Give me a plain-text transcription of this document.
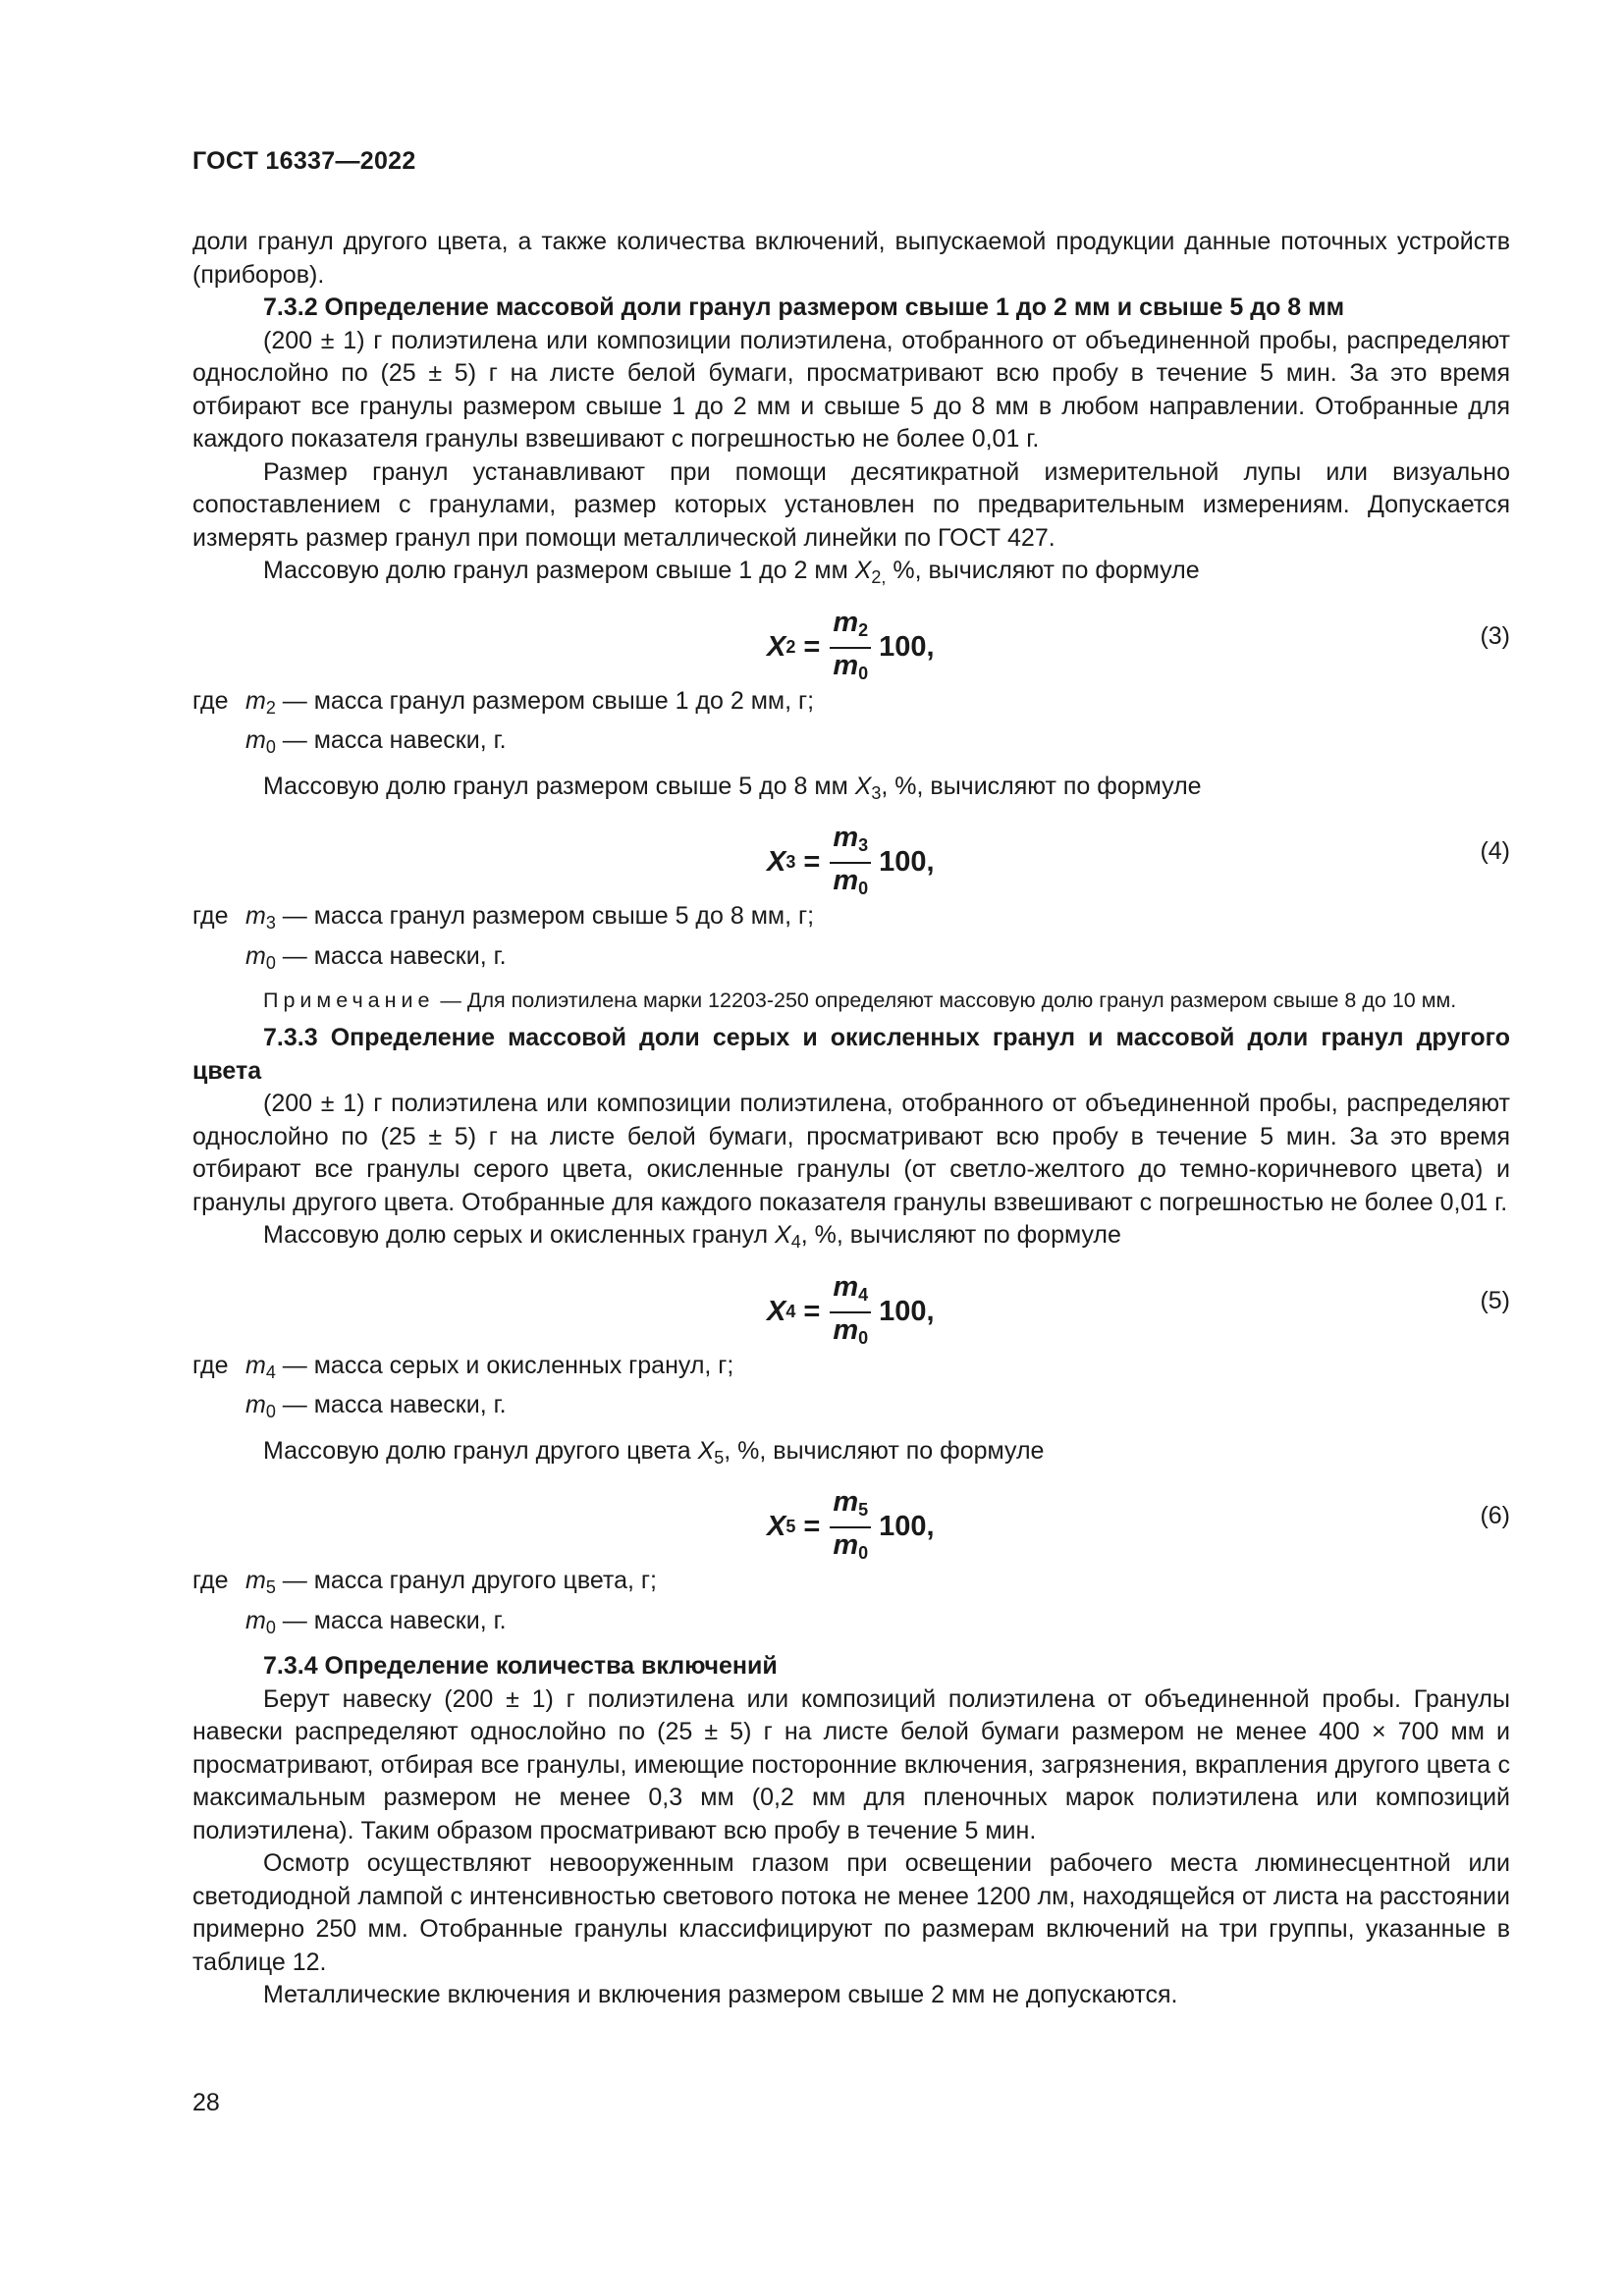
ГОСТ 16337—2022

доли гранул другого цвета, а также количества включений, выпускаемой продукции данные поточных устройств (приборов).

7.3.2 Определение массовой доли гранул размером свыше 1 до 2 мм и свыше 5 до 8 мм

(200 ± 1) г полиэтилена или композиции полиэтилена, отобранного от объединенной пробы, распределяют однослойно по (25 ± 5) г на листе белой бумаги, просматривают всю пробу в течение 5 мин. За это время отбирают все гранулы размером свыше 1 до 2 мм и свыше 5 до 8 мм в любом направлении. Отобранные для каждого показателя гранулы взвешивают с погрешностью не более 0,01 г.

Размер гранул устанавливают при помощи десятикратной измерительной лупы или визуально сопоставлением с гранулами, размер которых установлен по предварительным измерениям. Допускается измерять размер гранул при помощи металлической линейки по ГОСТ 427.

Массовую долю гранул размером свыше 1 до 2 мм $X_{2,}$ %, вычисляют по формуле

X 2
= $\frac{m_2}{m_0} 100$,	(3)
где $m_2$ — масса гранул размером свыше 1 до 2 мм, г;
$m_0$ — масса навески, г.

Массовую долю гранул размером свыше 5 до 8 мм $X_3$, %, вычисляют по формуле

X 3
= $\frac{m_3}{m_0} 100$,	(4)
где $m_3$ — масса гранул размером свыше 5 до 8 мм, г;
$m_0$ — масса навески, г.

Примечание — Для полиэтилена марки 12203-250 определяют массовую долю гранул размером свыше 8 до 10 мм.

7.3.3 Определение массовой доли серых и окисленных гранул и массовой доли гранул другого цвета

(200 ± 1) г полиэтилена или композиции полиэтилена, отобранного от объединенной пробы, распределяют однослойно по (25 ± 5) г на листе белой бумаги, просматривают всю пробу в течение 5 мин. За это время отбирают все гранулы серого цвета, окисленные гранулы (от светло-желтого до темно-коричневого цвета) и гранулы другого цвета. Отобранные для каждого показателя гранулы взвешивают с погрешностью не более 0,01 г.

Массовую долю серых и окисленных гранул $X_4$, %, вычисляют по формуле

X 4
= $\frac{m_4}{m_0} 100$,	(5)
где $m_4$ — масса серых и окисленных гранул, г;
$m_0$ — масса навески, г.

Массовую долю гранул другого цвета $X_5$, %, вычисляют по формуле

X 5
= $\frac{m_5}{m_0} 100$,	(6)
где $m_5$ — масса гранул другого цвета, г;
$m_0$ — масса навески, г.

7.3.4 Определение количества включений

Берут навеску (200 ± 1) г полиэтилена или композиций полиэтилена от объединенной пробы. Гранулы навески распределяют однослойно по (25 ± 5) г на листе белой бумаги размером не менее 400 × 700 мм и просматривают, отбирая все гранулы, имеющие посторонние включения, загрязнения, вкрапления другого цвета с максимальным размером не менее 0,3 мм (0,2 мм для пленочных марок полиэтилена или композиций полиэтилена). Таким образом просматривают всю пробу в течение 5 мин.

Осмотр осуществляют невооруженным глазом при освещении рабочего места люминесцентной или светодиодной лампой с интенсивностью светового потока не менее 1200 лм, находящейся от листа на расстоянии примерно 250 мм. Отобранные гранулы классифицируют по размерам включений на три группы, указанные в таблице 12.

Металлические включения и включения размером свыше 2 мм не допускаются.

28
